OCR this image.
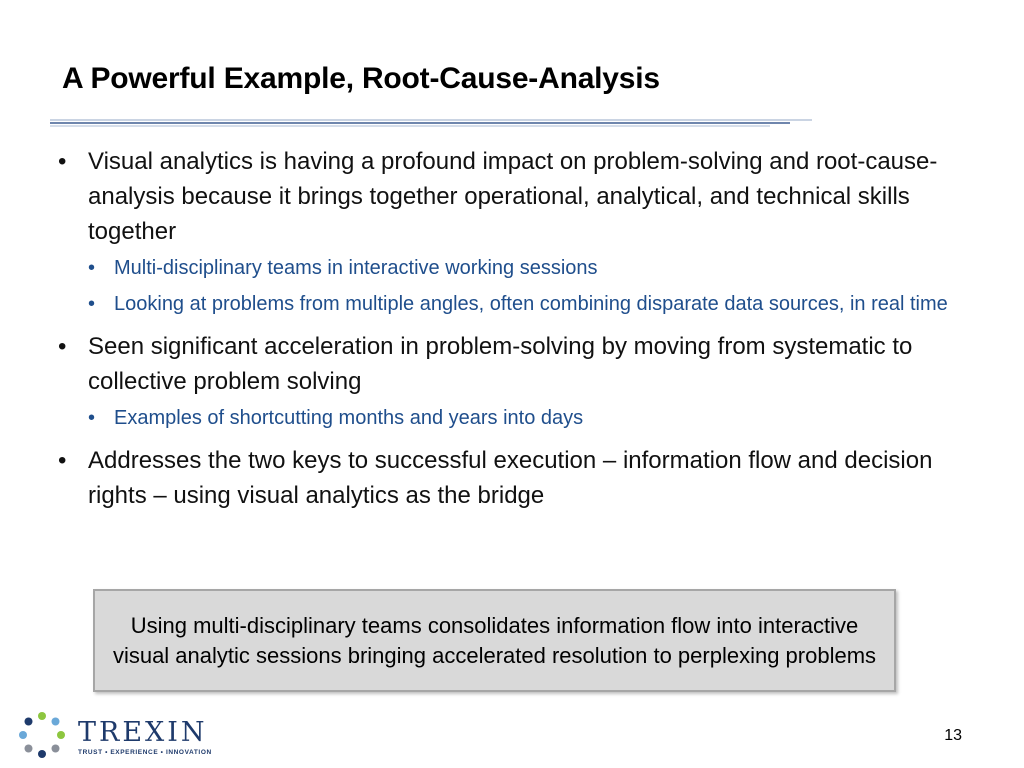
A Powerful Example, Root-Cause-Analysis
• Visual analytics is having a profound impact on problem-solving and root-cause-analysis because it brings together operational, analytical, and technical skills together
• Multi-disciplinary teams in interactive working sessions
• Looking at problems from multiple angles, often combining disparate data sources, in real time
• Seen significant acceleration in problem-solving by moving from systematic to collective problem solving
• Examples of shortcutting months and years into days
• Addresses the two keys to successful execution – information flow and decision rights – using visual analytics as the bridge
Using multi-disciplinary teams consolidates information flow into interactive visual analytic sessions bringing accelerated resolution to perplexing problems
TREXIN
TRUST • EXPERIENCE • INNOVATION
13
